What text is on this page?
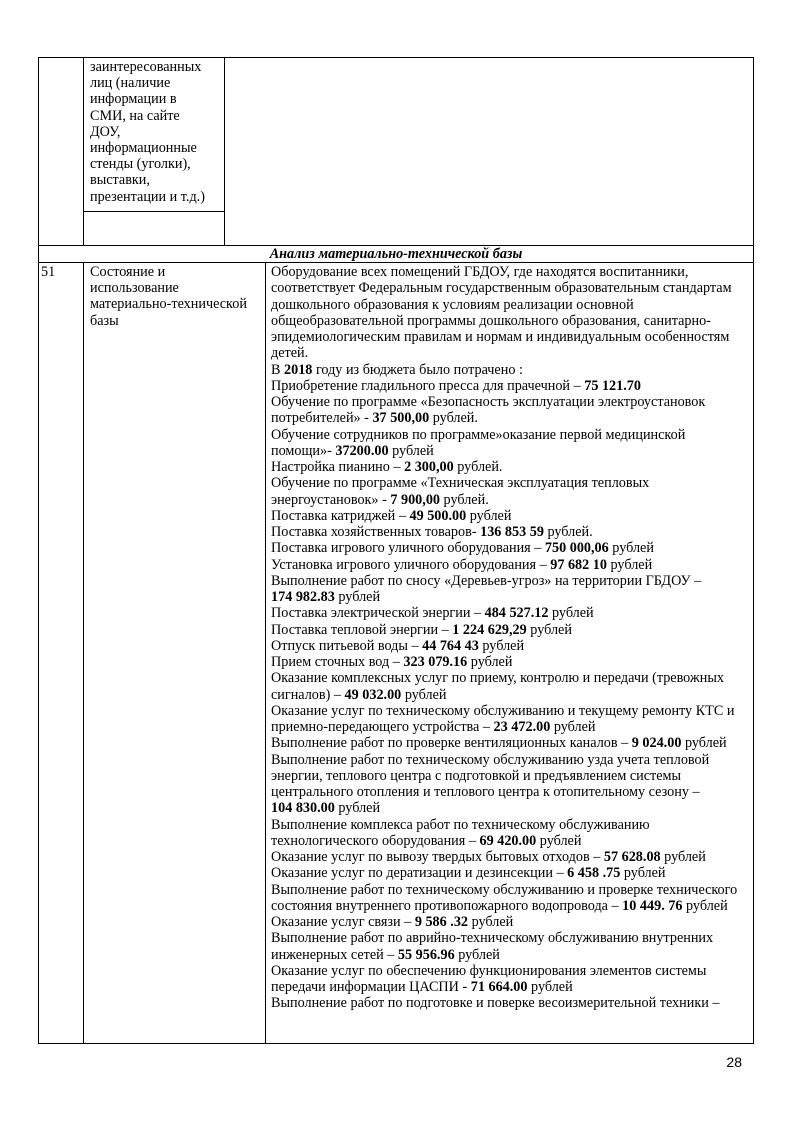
заинтересованных
лиц (наличие
информации в
СМИ, на сайте
ДОУ,
информационные
стенды (уголки),
выставки,
презентации и т.д.)
Анализ материально-технической базы
51 Состояние и
использование
материально-технической
базы
Оборудование всех помещений ГБДОУ, где находятся воспитанники,
соответствует Федеральным государственным образовательным стандартам
дошкольного образования к условиям реализации основной
общеобразовательной программы дошкольного образования, санитарно-
эпидемиологическим правилам и нормам и индивидуальным особенностям
детей.
В 2018 году из бюджета было потрачено :
Приобретение гладильного пресса для прачечной – 75 121.70
Обучение по программе «Безопасность эксплуатации электроустановок
потребителей» - 37 500,00 рублей.
Обучение сотрудников по программе»оказание первой медицинской
помощи»- 37200.00 рублей
Настройка пианино – 2 300,00 рублей.
Обучение по программе «Техническая эксплуатация тепловых
энергоустановок» - 7 900,00 рублей.
Поставка катриджей – 49 500.00 рублей
Поставка хозяйственных товаров- 136 853 59 рублей.
Поставка игрового уличного оборудования – 750 000,06 рублей
Установка игрового уличного оборудования – 97 682 10 рублей
Выполнение работ по сносу «Деревьев-угроз» на территории ГБДОУ –
174 982.83 рублей
Поставка электрической энергии – 484 527.12 рублей
Поставка тепловой энергии – 1 224 629,29 рублей
Отпуск питьевой воды – 44 764 43 рублей
Прием сточных вод – 323 079.16 рублей
Оказание комплексных услуг по приему, контролю и передачи (тревожных
сигналов) – 49 032.00 рублей
Оказание услуг по техническому обслуживанию и текущему ремонту КТС и
приемно-передающего устройства – 23 472.00 рублей
Выполнение работ по проверке вентиляционных каналов – 9 024.00 рублей
Выполнение работ по техническому обслуживанию узда учета тепловой
энергии, теплового центра с подготовкой и предъявлением системы
центрального отопления и теплового центра к отопительному сезону –
104 830.00 рублей
Выполнение комплекса работ по техническому обслуживанию
технологического оборудования – 69 420.00 рублей
Оказание услуг по вывозу твердых бытовых отходов – 57 628.08 рублей
Оказание услуг по дератизации и дезинсекции – 6 458 .75 рублей
Выполнение работ по техническому обслуживанию и проверке технического
состояния внутреннего противопожарного водопровода – 10 449. 76 рублей
Оказание услуг связи – 9 586 .32 рублей
Выполнение работ по аврийно-техническому обслуживанию внутренних
инженерных сетей – 55 956.96 рублей
Оказание услуг по обеспечению функционирования элементов системы
передачи информации ЦАСПИ - 71 664.00 рублей
Выполнение работ по подготовке и поверке весоизмерительной техники –
28
